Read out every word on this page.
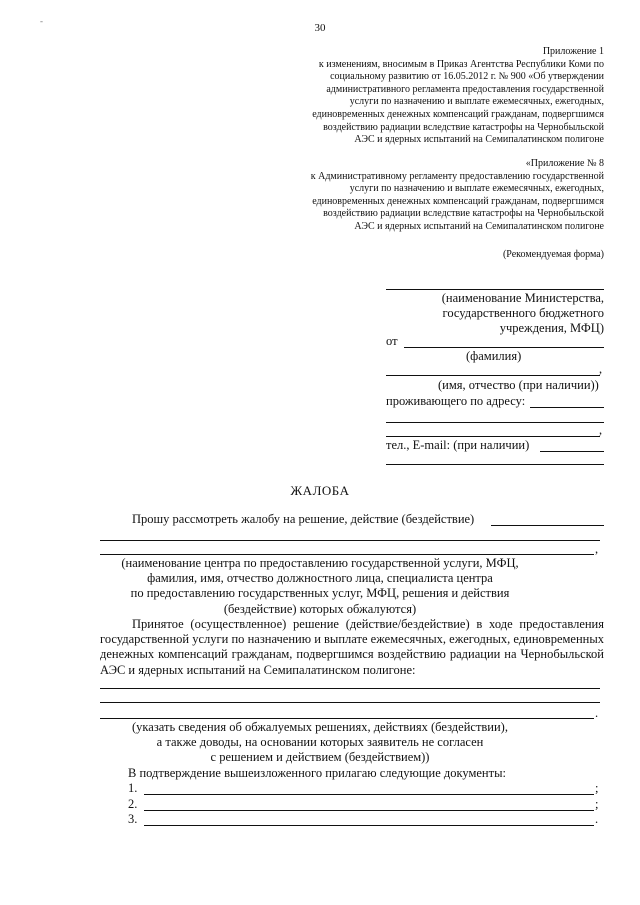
-
30
Приложение 1
к изменениям, вносимым в Приказ Агентства Республики Коми по
социальному развитию от 16.05.2012 г. № 900 «Об утверждении
административного регламента предоставления государственной
услуги по назначению и выплате ежемесячных, ежегодных,
единовременных денежных компенсаций гражданам, подвергшимся
воздействию радиации вследствие катастрофы на Чернобыльской
АЭС и ядерных испытаний на Семипалатинском полигоне
«Приложение № 8
к Административному регламенту предоставлению государственной
услуги по назначению и выплате ежемесячных, ежегодных,
единовременных денежных компенсаций гражданам, подвергшимся
воздействию радиации вследствие катастрофы на Чернобыльской
АЭС и ядерных испытаний на Семипалатинском полигоне
(Рекомендуемая форма)
(наименование Министерства,
государственного бюджетного
учреждения, МФЦ)
от
(фамилия)
,
(имя, отчество (при наличии))
проживающего по адресу:
,
тел., E-mail: (при наличии)
ЖАЛОБА
Прошу рассмотреть жалобу на решение, действие (бездействие)
,
(наименование центра по предоставлению государственной услуги, МФЦ,
фамилия, имя, отчество должностного лица, специалиста центра
по предоставлению государственных услуг, МФЦ, решения и действия
(бездействие) которых обжалуются)
Принятое (осуществленное) решение (действие/бездействие) в ходе предоставления государственной услуги по назначению и выплате ежемесячных, ежегодных, единовременных денежных компенсаций гражданам, подвергшимся воздействию радиации на Чернобыльской АЭС и ядерных испытаний на Семипалатинском полигоне:
.
(указать сведения об обжалуемых решениях, действиях (бездействии),
а также доводы, на основании которых заявитель не согласен
с решением и действием (бездействием))
В подтверждение вышеизложенного прилагаю следующие документы:
1.	;
2.	;
3.	.
